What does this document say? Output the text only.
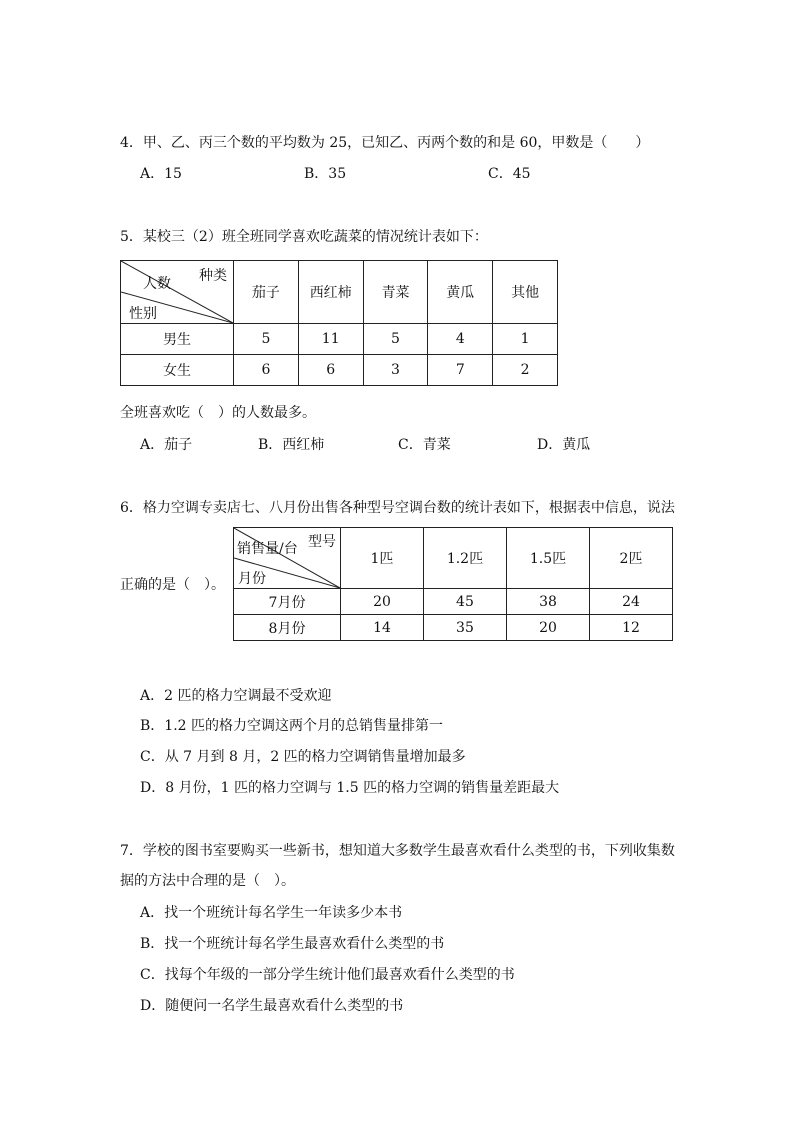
4．甲、乙、丙三个数的平均数为 25，已知乙、丙两个数的和是 60，甲数是（　　）
A．15	B．35	C．45
5．某校三（2）班全班同学喜欢吃蔬菜的情况统计表如下：
种类
人数
性别	茄子	西红柿	青菜	黄瓜	其他
男生	5	11	5	4	1
女生	6	6	3	7	2
全班喜欢吃（　）的人数最多。
A．茄子	B．西红柿	C．青菜	D．黄瓜
6．格力空调专卖店七、八月份出售各种型号空调台数的统计表如下，根据表中信息，说法
正确的是（　）。
型号
销售量/台
月份	1匹	1.2匹	1.5匹	2匹
7月份	20	45	38	24
8月份	14	35	20	12
A．2 匹的格力空调最不受欢迎
B．1.2 匹的格力空调这两个月的总销售量排第一
C．从 7 月到 8 月，2 匹的格力空调销售量增加最多
D．8 月份，1 匹的格力空调与 1.5 匹的格力空调的销售量差距最大
7．学校的图书室要购买一些新书，想知道大多数学生最喜欢看什么类型的书，下列收集数
据的方法中合理的是（　）。
A．找一个班统计每名学生一年读多少本书
B．找一个班统计每名学生最喜欢看什么类型的书
C．找每个年级的一部分学生统计他们最喜欢看什么类型的书
D．随便问一名学生最喜欢看什么类型的书
